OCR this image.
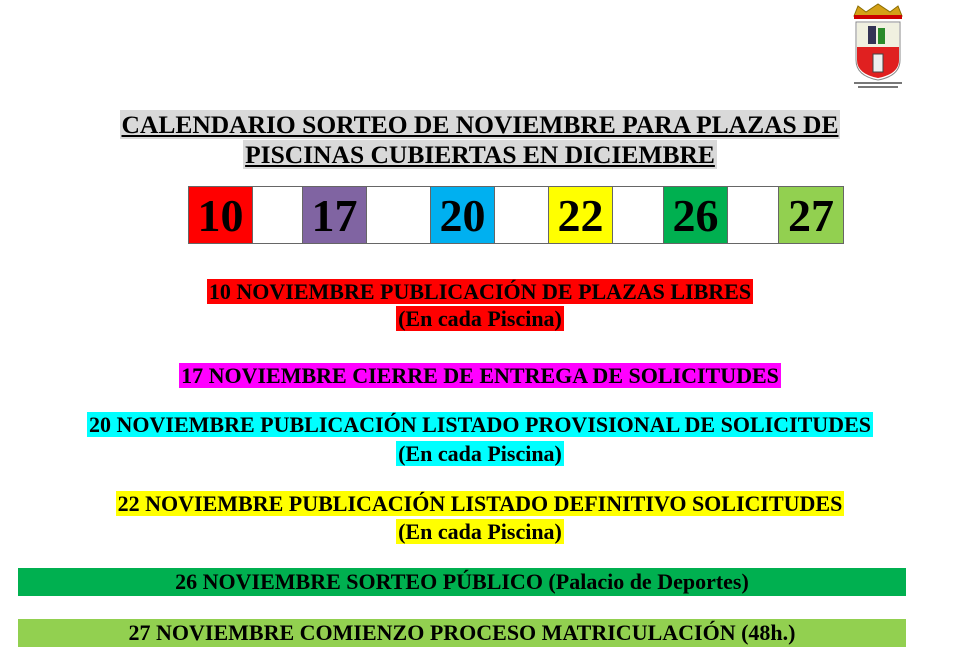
CALENDARIO SORTEO DE NOVIEMBRE PARA PLAZAS DE
PISCINAS CUBIERTAS EN DICIEMBRE
10 17 20 22 26 27
10 NOVIEMBRE PUBLICACIÓN DE PLAZAS LIBRES
(En cada Piscina)
17 NOVIEMBRE CIERRE DE ENTREGA DE SOLICITUDES
20 NOVIEMBRE PUBLICACIÓN LISTADO PROVISIONAL DE SOLICITUDES
(En cada Piscina)
22 NOVIEMBRE PUBLICACIÓN LISTADO DEFINITIVO SOLICITUDES
(En cada Piscina)
26 NOVIEMBRE SORTEO PÚBLICO (Palacio de Deportes)
27 NOVIEMBRE COMIENZO PROCESO MATRICULACIÓN (48h.)
